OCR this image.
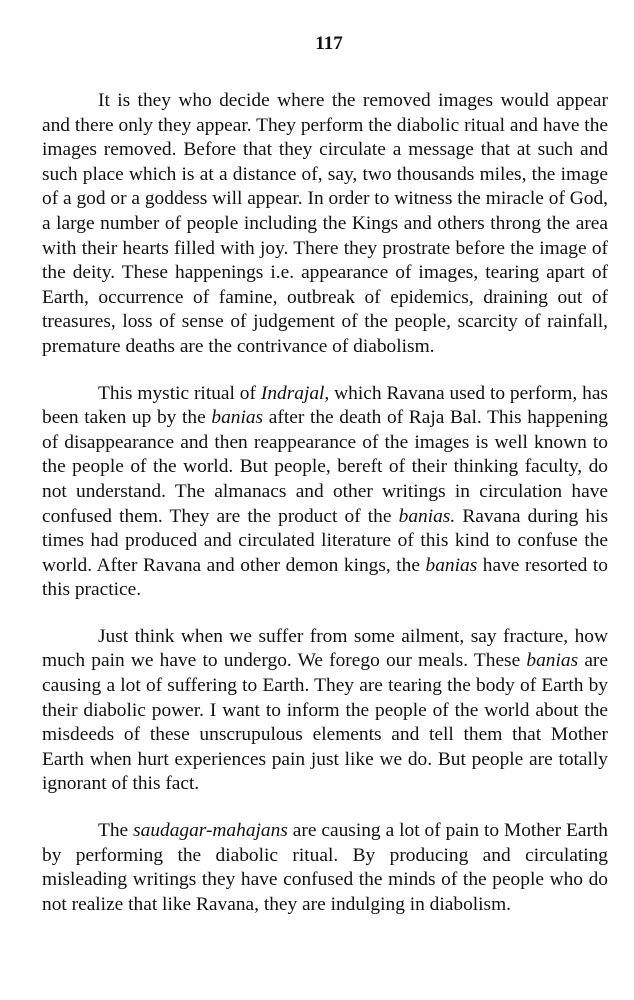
117

It is they who decide where the removed images would appear and there only they appear. They perform the diabolic ritual and have the images removed. Before that they circulate a message that at such and such place which is at a distance of, say, two thousands miles, the image of a god or a goddess will appear. In order to witness the miracle of God, a large number of people including the Kings and others throng the area with their hearts filled with joy. There they prostrate before the image of the deity. These happenings i.e. appearance of images, tearing apart of Earth, occurrence of famine, outbreak of epidemics, draining out of treasures, loss of sense of judgement of the people, scarcity of rainfall, premature deaths are the contrivance of diabolism.

This mystic ritual of Indrajal, which Ravana used to perform, has been taken up by the banias after the death of Raja Bal. This happening of disappearance and then reappearance of the images is well known to the people of the world. But people, bereft of their thinking faculty, do not understand. The almanacs and other writings in circulation have confused them. They are the product of the banias. Ravana during his times had produced and circulated literature of this kind to confuse the world. After Ravana and other demon kings, the banias have resorted to this practice.

Just think when we suffer from some ailment, say fracture, how much pain we have to undergo. We forego our meals. These banias are causing a lot of suffering to Earth. They are tearing the body of Earth by their diabolic power. I want to inform the people of the world about the misdeeds of these unscrupulous elements and tell them that Mother Earth when hurt experiences pain just like we do. But people are totally ignorant of this fact.

The saudagar-mahajans are causing a lot of pain to Mother Earth by performing the diabolic ritual. By producing and circulating misleading writings they have confused the minds of the people who do not realize that like Ravana, they are indulging in diabolism.
